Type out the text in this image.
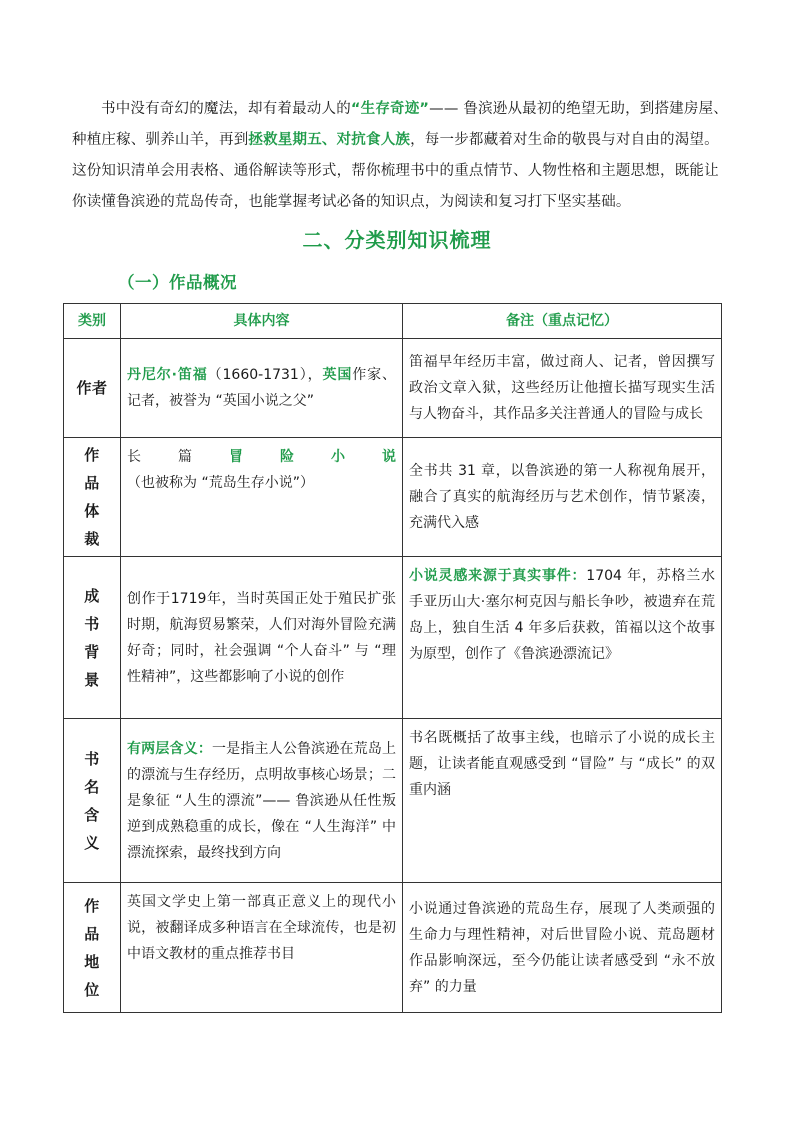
书中没有奇幻的魔法，却有着最动人的“生存奇迹”—— 鲁滨逊从最初的绝望无助，到搭建房屋、种植庄稼、驯养山羊，再到拯救星期五、对抗食人族，每一步都藏着对生命的敬畏与对自由的渴望。这份知识清单会用表格、通俗解读等形式，帮你梳理书中的重点情节、人物性格和主题思想，既能让你读懂鲁滨逊的荒岛传奇，也能掌握考试必备的知识点，为阅读和复习打下坚实基础。

二、分类别知识梳理
（一）作品概况
类别	具体内容	备注（重点记忆）
作者	丹尼尔·笛福（1660-1731），英国作家、记者，被誉为 “英国小说之父”	笛福早年经历丰富，做过商人、记者，曾因撰写政治文章入狱，这些经历让他擅长描写现实生活与人物奋斗，其作品多关注普通人的冒险与成长
作品体裁	长篇冒险小说（也被称为 “荒岛生存小说”）	全书共 31 章，以鲁滨逊的第一人称视角展开，融合了真实的航海经历与艺术创作，情节紧凑，充满代入感
成书背景	创作于1719年，当时英国正处于殖民扩张时期，航海贸易繁荣，人们对海外冒险充满好奇；同时，社会强调 “个人奋斗” 与 “理性精神”，这些都影响了小说的创作	小说灵感来源于真实事件：1704 年，苏格兰水手亚历山大·塞尔柯克因与船长争吵，被遗弃在荒岛上，独自生活 4 年多后获救，笛福以这个故事为原型，创作了《鲁滨逊漂流记》
书名含义	有两层含义：一是指主人公鲁滨逊在荒岛上的漂流与生存经历，点明故事核心场景；二是象征 “人生的漂流”—— 鲁滨逊从任性叛逆到成熟稳重的成长，像在 “人生海洋” 中漂流探索，最终找到方向	书名既概括了故事主线，也暗示了小说的成长主题，让读者能直观感受到 “冒险” 与 “成长” 的双重内涵
作品地位	英国文学史上第一部真正意义上的现代小说，被翻译成多种语言在全球流传，也是初中语文教材的重点推荐书目	小说通过鲁滨逊的荒岛生存，展现了人类顽强的生命力与理性精神，对后世冒险小说、荒岛题材作品影响深远，至今仍能让读者感受到 “永不放弃” 的力量
